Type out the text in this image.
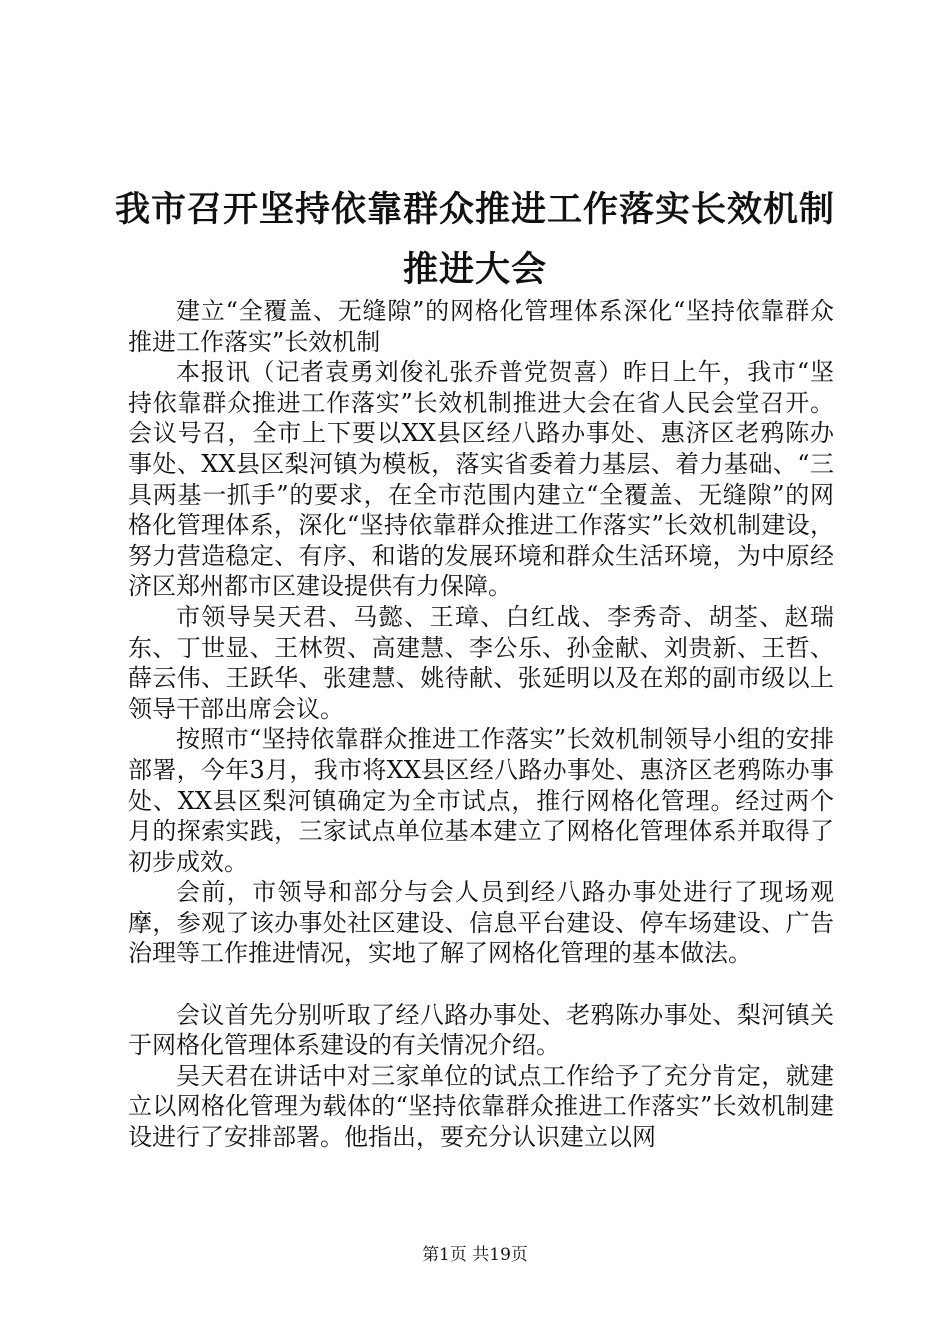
我市召开坚持依靠群众推进工作落实长效机制
推进大会

建立“全覆盖、无缝隙”的网格化管理体系深化“坚持依靠群众推进工作落实”长效机制

本报讯（记者袁勇刘俊礼张乔普党贺喜）昨日上午，我市“坚持依靠群众推进工作落实”长效机制推进大会在省人民会堂召开。会议号召，全市上下要以XX县区经八路办事处、惠济区老鸦陈办事处、XX县区梨河镇为模板，落实省委着力基层、着力基础、“三具两基一抓手”的要求，在全市范围内建立“全覆盖、无缝隙”的网格化管理体系，深化“坚持依靠群众推进工作落实”长效机制建设，努力营造稳定、有序、和谐的发展环境和群众生活环境，为中原经济区郑州都市区建设提供有力保障。

市领导吴天君、马懿、王璋、白红战、李秀奇、胡荃、赵瑞东、丁世显、王林贺、高建慧、李公乐、孙金献、刘贵新、王哲、薛云伟、王跃华、张建慧、姚待献、张延明以及在郑的副市级以上领导干部出席会议。

按照市“坚持依靠群众推进工作落实”长效机制领导小组的安排部署，今年3月，我市将XX县区经八路办事处、惠济区老鸦陈办事处、XX县区梨河镇确定为全市试点，推行网格化管理。经过两个月的探索实践，三家试点单位基本建立了网格化管理体系并取得了初步成效。

会前，市领导和部分与会人员到经八路办事处进行了现场观摩，参观了该办事处社区建设、信息平台建设、停车场建设、广告治理等工作推进情况，实地了解了网格化管理的基本做法。

会议首先分别听取了经八路办事处、老鸦陈办事处、梨河镇关于网格化管理体系建设的有关情况介绍。

吴天君在讲话中对三家单位的试点工作给予了充分肯定，就建立以网格化管理为载体的“坚持依靠群众推进工作落实”长效机制建设进行了安排部署。他指出，要充分认识建立以网

第1页 共19页
